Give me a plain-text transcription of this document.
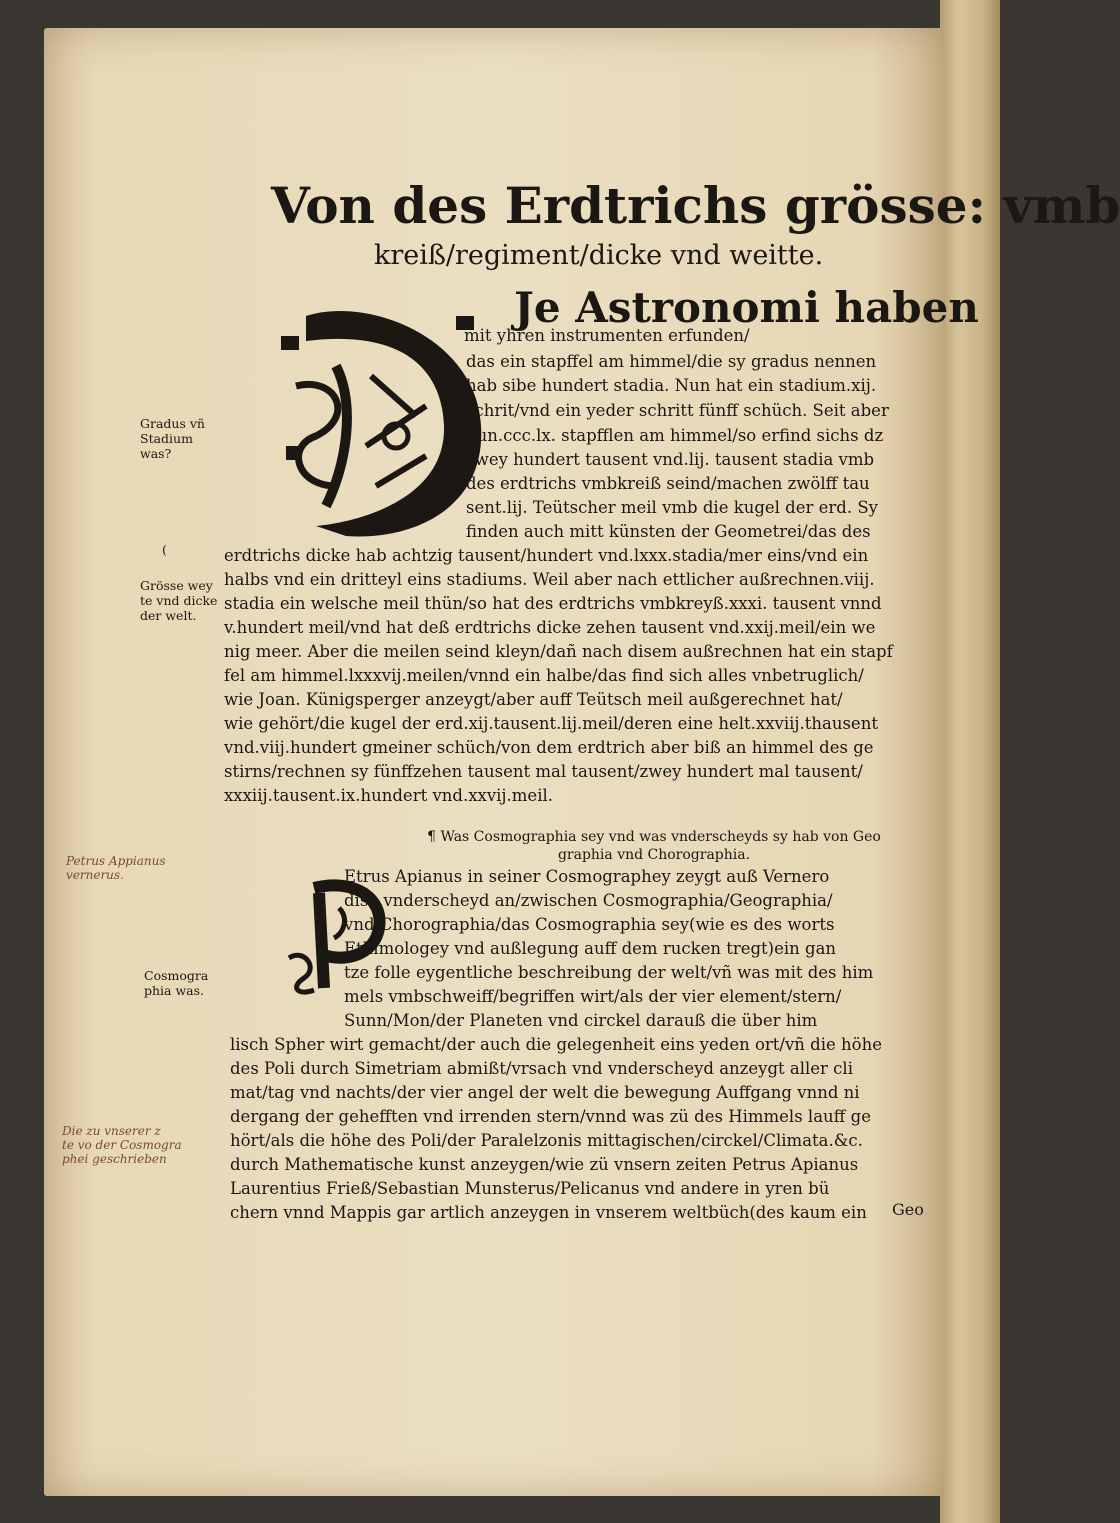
Von des Erdtrichs grösse: vmb
kreiß/regiment/dicke vnd weitte.
Je Astronomi haben
mit yhren instrumenten erfunden/
das ein stapffel am himmel/die sy gradus nennen
hab sibe hundert stadia. Nun hat ein stadium.xij.
schrit/vnd ein yeder schritt fünff schüch. Seit aber
nun.ccc.lx. stapfflen am himmel/so erfind sichs dz
zwey hundert tausent vnd.lij. tausent stadia vmb
des erdtrichs vmbkreiß seind/machen zwölff tau
sent.lij. Teütscher meil vmb die kugel der erd. Sy
finden auch mitt künsten der Geometrei/das des
erdtrichs dicke hab achtzig tausent/hundert vnd.lxxx.stadia/mer eins/vnd ein
halbs vnd ein dritteyl eins stadiums. Weil aber nach ettlicher außrechnen.viij.
stadia ein welsche meil thün/so hat des erdtrichs vmbkreyß.xxxi. tausent vnnd
v.hundert meil/vnd hat deß erdtrichs dicke zehen tausent vnd.xxij.meil/ein we
nig meer. Aber die meilen seind kleyn/dañ nach disem außrechnen hat ein stapf
fel am himmel.lxxxvij.meilen/vnnd ein halbe/das find sich alles vnbetruglich/
wie Joan. Künigsperger anzeygt/aber auff Teütsch meil außgerechnet hat/
wie gehört/die kugel der erd.xij.tausent.lij.meil/deren eine helt.xxviij.thausent
vnd.viij.hundert gmeiner schüch/von dem erdtrich aber biß an himmel des ge
stirns/rechnen sy fünffzehen tausent mal tausent/zwey hundert mal tausent/
xxxiij.tausent.ix.hundert vnd.xxvij.meil.
Gradus vñ
Stadium
was?
(
Grösse wey
te vnd dicke
der welt.
¶ Was Cosmographia sey vnd was vnderscheyds sy hab von Geo
graphia vnd Chorographia.
Etrus Apianus in seiner Cosmographey zeygt auß Vernero
dise vnderscheyd an/zwischen Cosmographia/Geographia/
vnd Chorographia/das Cosmographia sey(wie es des worts
Ethimologey vnd außlegung auff dem rucken tregt)ein gan
tze folle eygentliche beschreibung der welt/vñ was mit des him
mels vmbschweiff/begriffen wirt/als der vier element/stern/
Sunn/Mon/der Planeten vnd circkel darauß die über him
lisch Spher wirt gemacht/der auch die gelegenheit eins yeden ort/vñ die höhe
des Poli durch Simetriam abmißt/vrsach vnd vnderscheyd anzeygt aller cli
mat/tag vnd nachts/der vier angel der welt die bewegung Auffgang vnnd ni
dergang der gehefften vnd irrenden stern/vnnd was zü des Himmels lauff ge
hört/als die höhe des Poli/der Paralelzonis mittagischen/circkel/Climata.&c.
durch Mathematische kunst anzeygen/wie zü vnsern zeiten Petrus Apianus
Laurentius Frieß/Sebastian Munsterus/Pelicanus vnd andere in yren bü
chern vnnd Mappis gar artlich anzeygen in vnserem weltbüch(des kaum ein Geo
Cosmogra
phia was.
Petrus Appianus
vernerus.
Die zu vnserer z
te vo der Cosmogra
phei geschrieben
